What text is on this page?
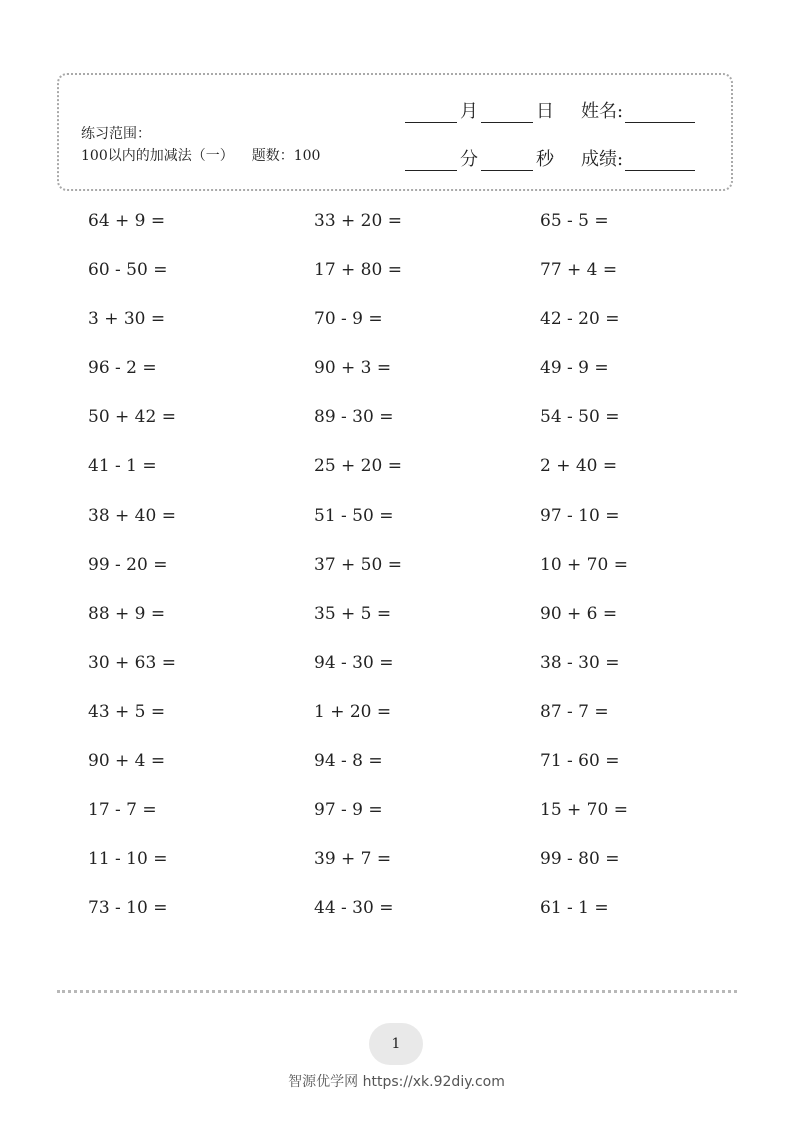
练习范围：
100以内的加减法（一） 题数：100
月	日 姓名:
分	秒 成绩:
64 + 9 =	33 + 20 =	65 - 5 =
60 - 50 =	17 + 80 =	77 + 4 =
3 + 30 =	70 - 9 =	42 - 20 =
96 - 2 =	90 + 3 =	49 - 9 =
50 + 42 =	89 - 30 =	54 - 50 =
41 - 1 =	25 + 20 =	2 + 40 =
38 + 40 =	51 - 50 =	97 - 10 =
99 - 20 =	37 + 50 =	10 + 70 =
88 + 9 =	35 + 5 =	90 + 6 =
30 + 63 =	94 - 30 =	38 - 30 =
43 + 5 =	1 + 20 =	87 - 7 =
90 + 4 =	94 - 8 =	71 - 60 =
17 - 7 =	97 - 9 =	15 + 70 =
11 - 10 =	39 + 7 =	99 - 80 =
73 - 10 =	44 - 30 =	61 - 1 =
1
智源优学网 https://xk.92diy.com
